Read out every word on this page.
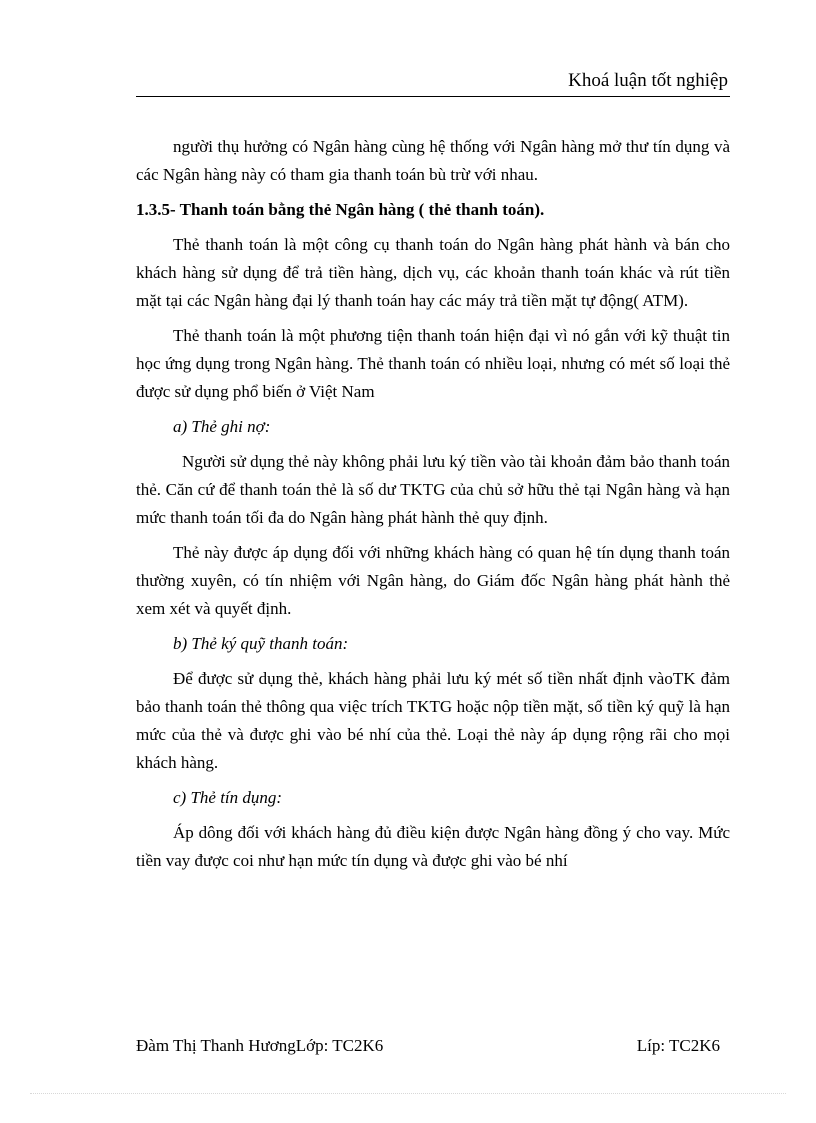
Khoá luận tốt nghiệp

người thụ hưởng có Ngân hàng cùng hệ thống với Ngân hàng mở thư tín dụng và các Ngân hàng này có tham gia thanh toán bù trừ với nhau.

1.3.5- Thanh toán bằng thẻ Ngân hàng ( thẻ thanh toán).

Thẻ thanh toán là một công cụ thanh toán do Ngân hàng phát hành và bán cho khách hàng sử dụng để trả tiền hàng, dịch vụ, các khoản thanh toán khác và rút tiền mặt tại các Ngân hàng đại lý thanh toán hay các máy trả tiền mặt tự động( ATM).

Thẻ thanh toán là một phương tiện thanh toán hiện đại vì nó gắn với kỹ thuật tin học ứng dụng trong Ngân hàng. Thẻ thanh toán có nhiều loại, nhưng có mét số loại thẻ được sử dụng phổ biến ở Việt Nam

a) Thẻ ghi nợ:

Người sử dụng thẻ này không phải lưu ký tiền vào tài khoản đảm bảo thanh toán thẻ. Căn cứ để thanh toán thẻ là số dư TKTG của chủ sở hữu thẻ tại Ngân hàng và hạn mức thanh toán tối đa do Ngân hàng phát hành thẻ quy định.

Thẻ này được áp dụng đối với những khách hàng có quan hệ tín dụng thanh toán thường xuyên, có tín nhiệm với Ngân hàng, do Giám đốc Ngân hàng phát hành thẻ xem xét và quyết định.

b) Thẻ ký quỹ thanh toán:

Để được sử dụng thẻ, khách hàng phải lưu ký mét số tiền nhất định vàoTK đảm bảo thanh toán thẻ thông qua việc trích TKTG hoặc nộp tiền mặt, số tiền ký quỹ là hạn mức của thẻ và được ghi vào bé nhí của thẻ. Loại thẻ này áp dụng rộng rãi cho mọi khách hàng.

c) Thẻ tín dụng:

Áp dông đối với khách hàng đủ điều kiện được Ngân hàng đồng ý cho vay. Mức tiền vay được coi như hạn mức tín dụng và được ghi vào bé nhí

Đàm Thị Thanh HươngLớp: TC2K6	Líp: TC2K6
